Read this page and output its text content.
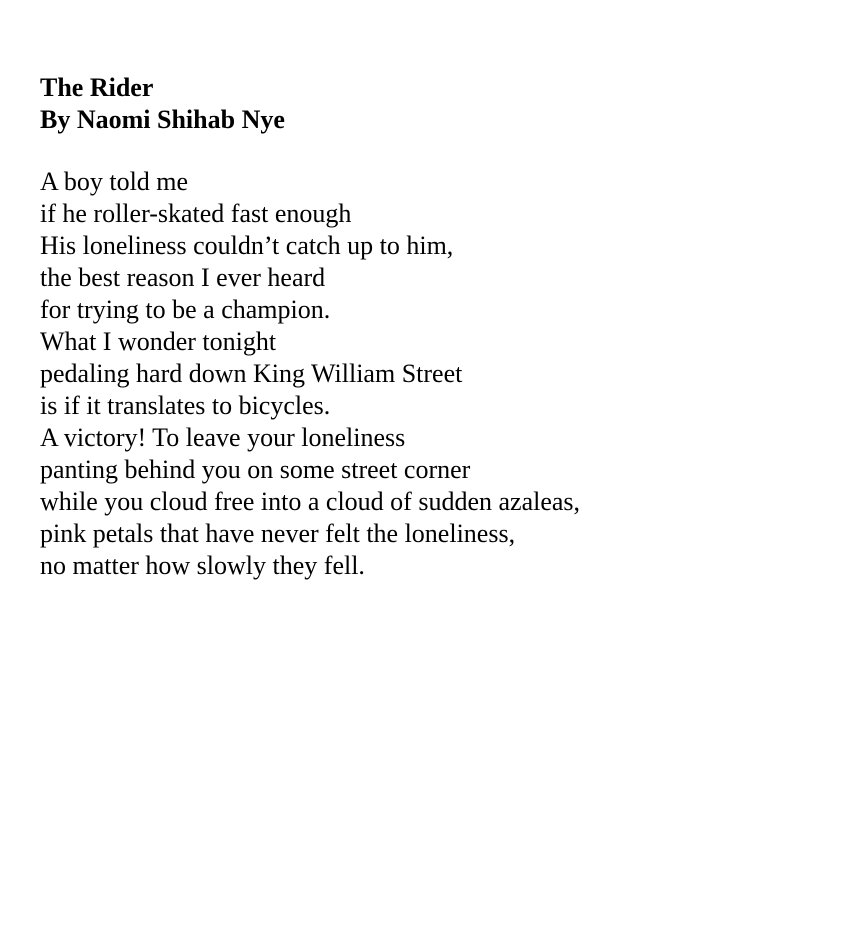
The Rider
By Naomi Shihab Nye
A boy told me
if he roller-skated fast enough
His loneliness couldn’t catch up to him,
the best reason I ever heard
for trying to be a champion.
What I wonder tonight
pedaling hard down King William Street
is if it translates to bicycles.
A victory! To leave your loneliness
panting behind you on some street corner
while you cloud free into a cloud of sudden azaleas,
pink petals that have never felt the loneliness,
no matter how slowly they fell.
